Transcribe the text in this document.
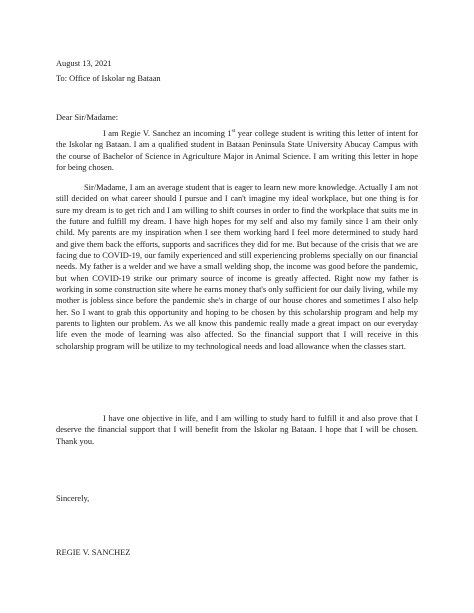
August 13, 2021
To: Office of Iskolar ng Bataan
Dear Sir/Madame:
I am Regie V. Sanchez an incoming 1st year college student is writing this letter of intent for the Iskolar ng Bataan. I am a qualified student in Bataan Peninsula State University Abucay Campus with the course of Bachelor of Science in Agriculture Major in Animal Science. I am writing this letter in hope for being chosen.
Sir/Madame, I am an average student that is eager to learn new more knowledge. Actually I am not still decided on what career should I pursue and I can't imagine my ideal workplace, but one thing is for sure my dream is to get rich and I am willing to shift courses in order to find the workplace that suits me in the future and fulfill my dream. I have high hopes for my self and also my family since I am their only child. My parents are my inspiration when I see them working hard I feel more determined to study hard and give them back the efforts, supports and sacrifices they did for me. But because of the crisis that we are facing due to COVID-19, our family experienced and still experiencing problems specially on our financial needs. My father is a welder and we have a small welding shop, the income was good before the pandemic, but when COVID-19 strike our primary source of income is greatly affected. Right now my father is working in some construction site where he earns money that's only sufficient for our daily living, while my mother is jobless since before the pandemic she's in charge of our house chores and sometimes I also help her. So I want to grab this opportunity and hoping to be chosen by this scholarship program and help my parents to lighten our problem. As we all know this pandemic really made a great impact on our everyday life even the mode of learning was also affected. So the financial support that I will receive in this scholarship program will be utilize to my technological needs and load allowance when the classes start.
I have one objective in life, and I am willing to study hard to fulfill it and also prove that I deserve the financial support that I will benefit from the Iskolar ng Bataan. I hope that I will be chosen. Thank you.
Sincerely,
REGIE V. SANCHEZ
